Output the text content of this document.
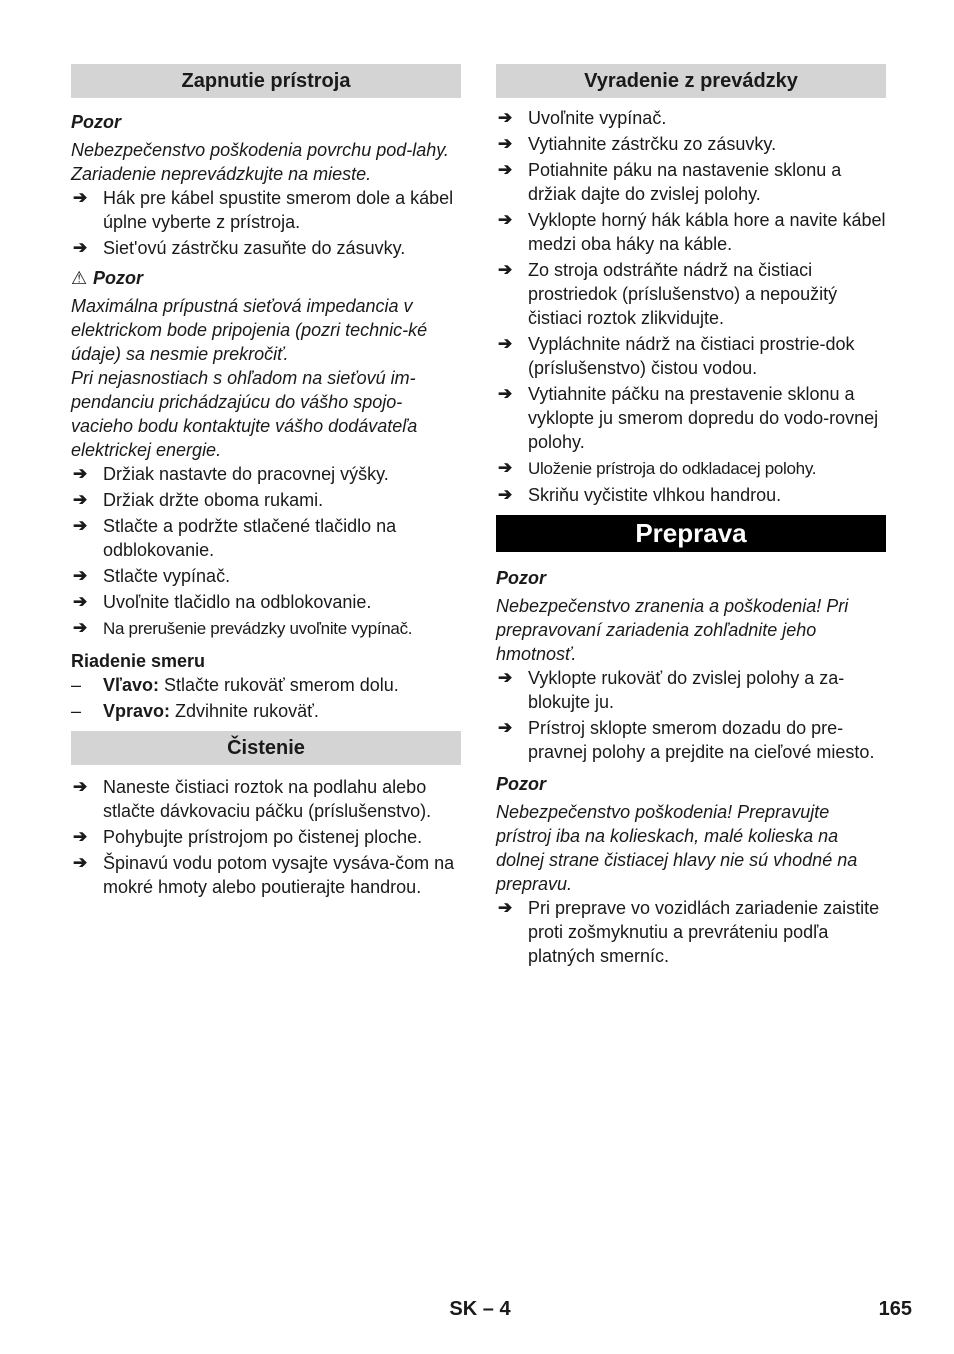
Zapnutie prístroja
Pozor
Nebezpečenstvo poškodenia povrchu pod-lahy. Zariadenie neprevádzkujte na mieste.
➔ Hák pre kábel spustite smerom dole a kábel úplne vyberte z prístroja.
➔ Siet'ovú zástrčku zasuňte do zásuvky.
⚠ Pozor
Maximálna prípustná sieťová impedancia v elektrickom bode pripojenia (pozri technic-ké údaje) sa nesmie prekročiť.
Pri nejasnostiach s ohľadom na sieťovú im-pendanciu prichádzajúcu do vášho spojo-vacieho bodu kontaktujte vášho dodávateľa elektrickej energie.
➔ Držiak nastavte do pracovnej výšky.
➔ Držiak držte oboma rukami.
➔ Stlačte a podržte stlačené tlačidlo na odblokovanie.
➔ Stlačte vypínač.
➔ Uvoľnite tlačidlo na odblokovanie.
➔ Na prerušenie prevádzky uvoľnite vypínač.
Riadenie smeru
– Vľavo: Stlačte rukoväť smerom dolu.
– Vpravo: Zdvihnite rukoväť.
Čistenie
➔ Naneste čistiaci roztok na podlahu alebo stlačte dávkovaciu páčku (príslušenstvo).
➔ Pohybujte prístrojom po čistenej ploche.
➔ Špinavú vodu potom vysajte vysáva-čom na mokré hmoty alebo poutierajte handrou.
Vyradenie z prevádzky
➔ Uvoľnite vypínač.
➔ Vytiahnite zástrčku zo zásuvky.
➔ Potiahnite páku na nastavenie sklonu a držiak dajte do zvislej polohy.
➔ Vyklopte horný hák kábla hore a navite kábel medzi oba háky na káble.
➔ Zo stroja odstráňte nádrž na čistiaci prostriedok (príslušenstvo) a nepoužitý čistiaci roztok zlikvidujte.
➔ Vypláchnite nádrž na čistiaci prostrie-dok (príslušenstvo) čistou vodou.
➔ Vytiahnite páčku na prestavenie sklonu a vyklopte ju smerom dopredu do vodo-rovnej polohy.
➔ Uloženie prístroja do odkladacej polohy.
➔ Skriňu vyčistite vlhkou handrou.
Preprava
Pozor
Nebezpečenstvo zranenia a poškodenia! Pri prepravovaní zariadenia zohľadnite jeho hmotnosť.
➔ Vyklopte rukoväť do zvislej polohy a za-blokujte ju.
➔ Prístroj sklopte smerom dozadu do pre-pravnej polohy a prejdite na cieľové miesto.
Pozor
Nebezpečenstvo poškodenia! Prepravujte prístroj iba na kolieskach, malé kolieska na dolnej strane čistiacej hlavy nie sú vhodné na prepravu.
➔ Pri preprave vo vozidlách zariadenie zaistite proti zošmyknutiu a prevráteniu podľa platných smerníc.
SK – 4	165
